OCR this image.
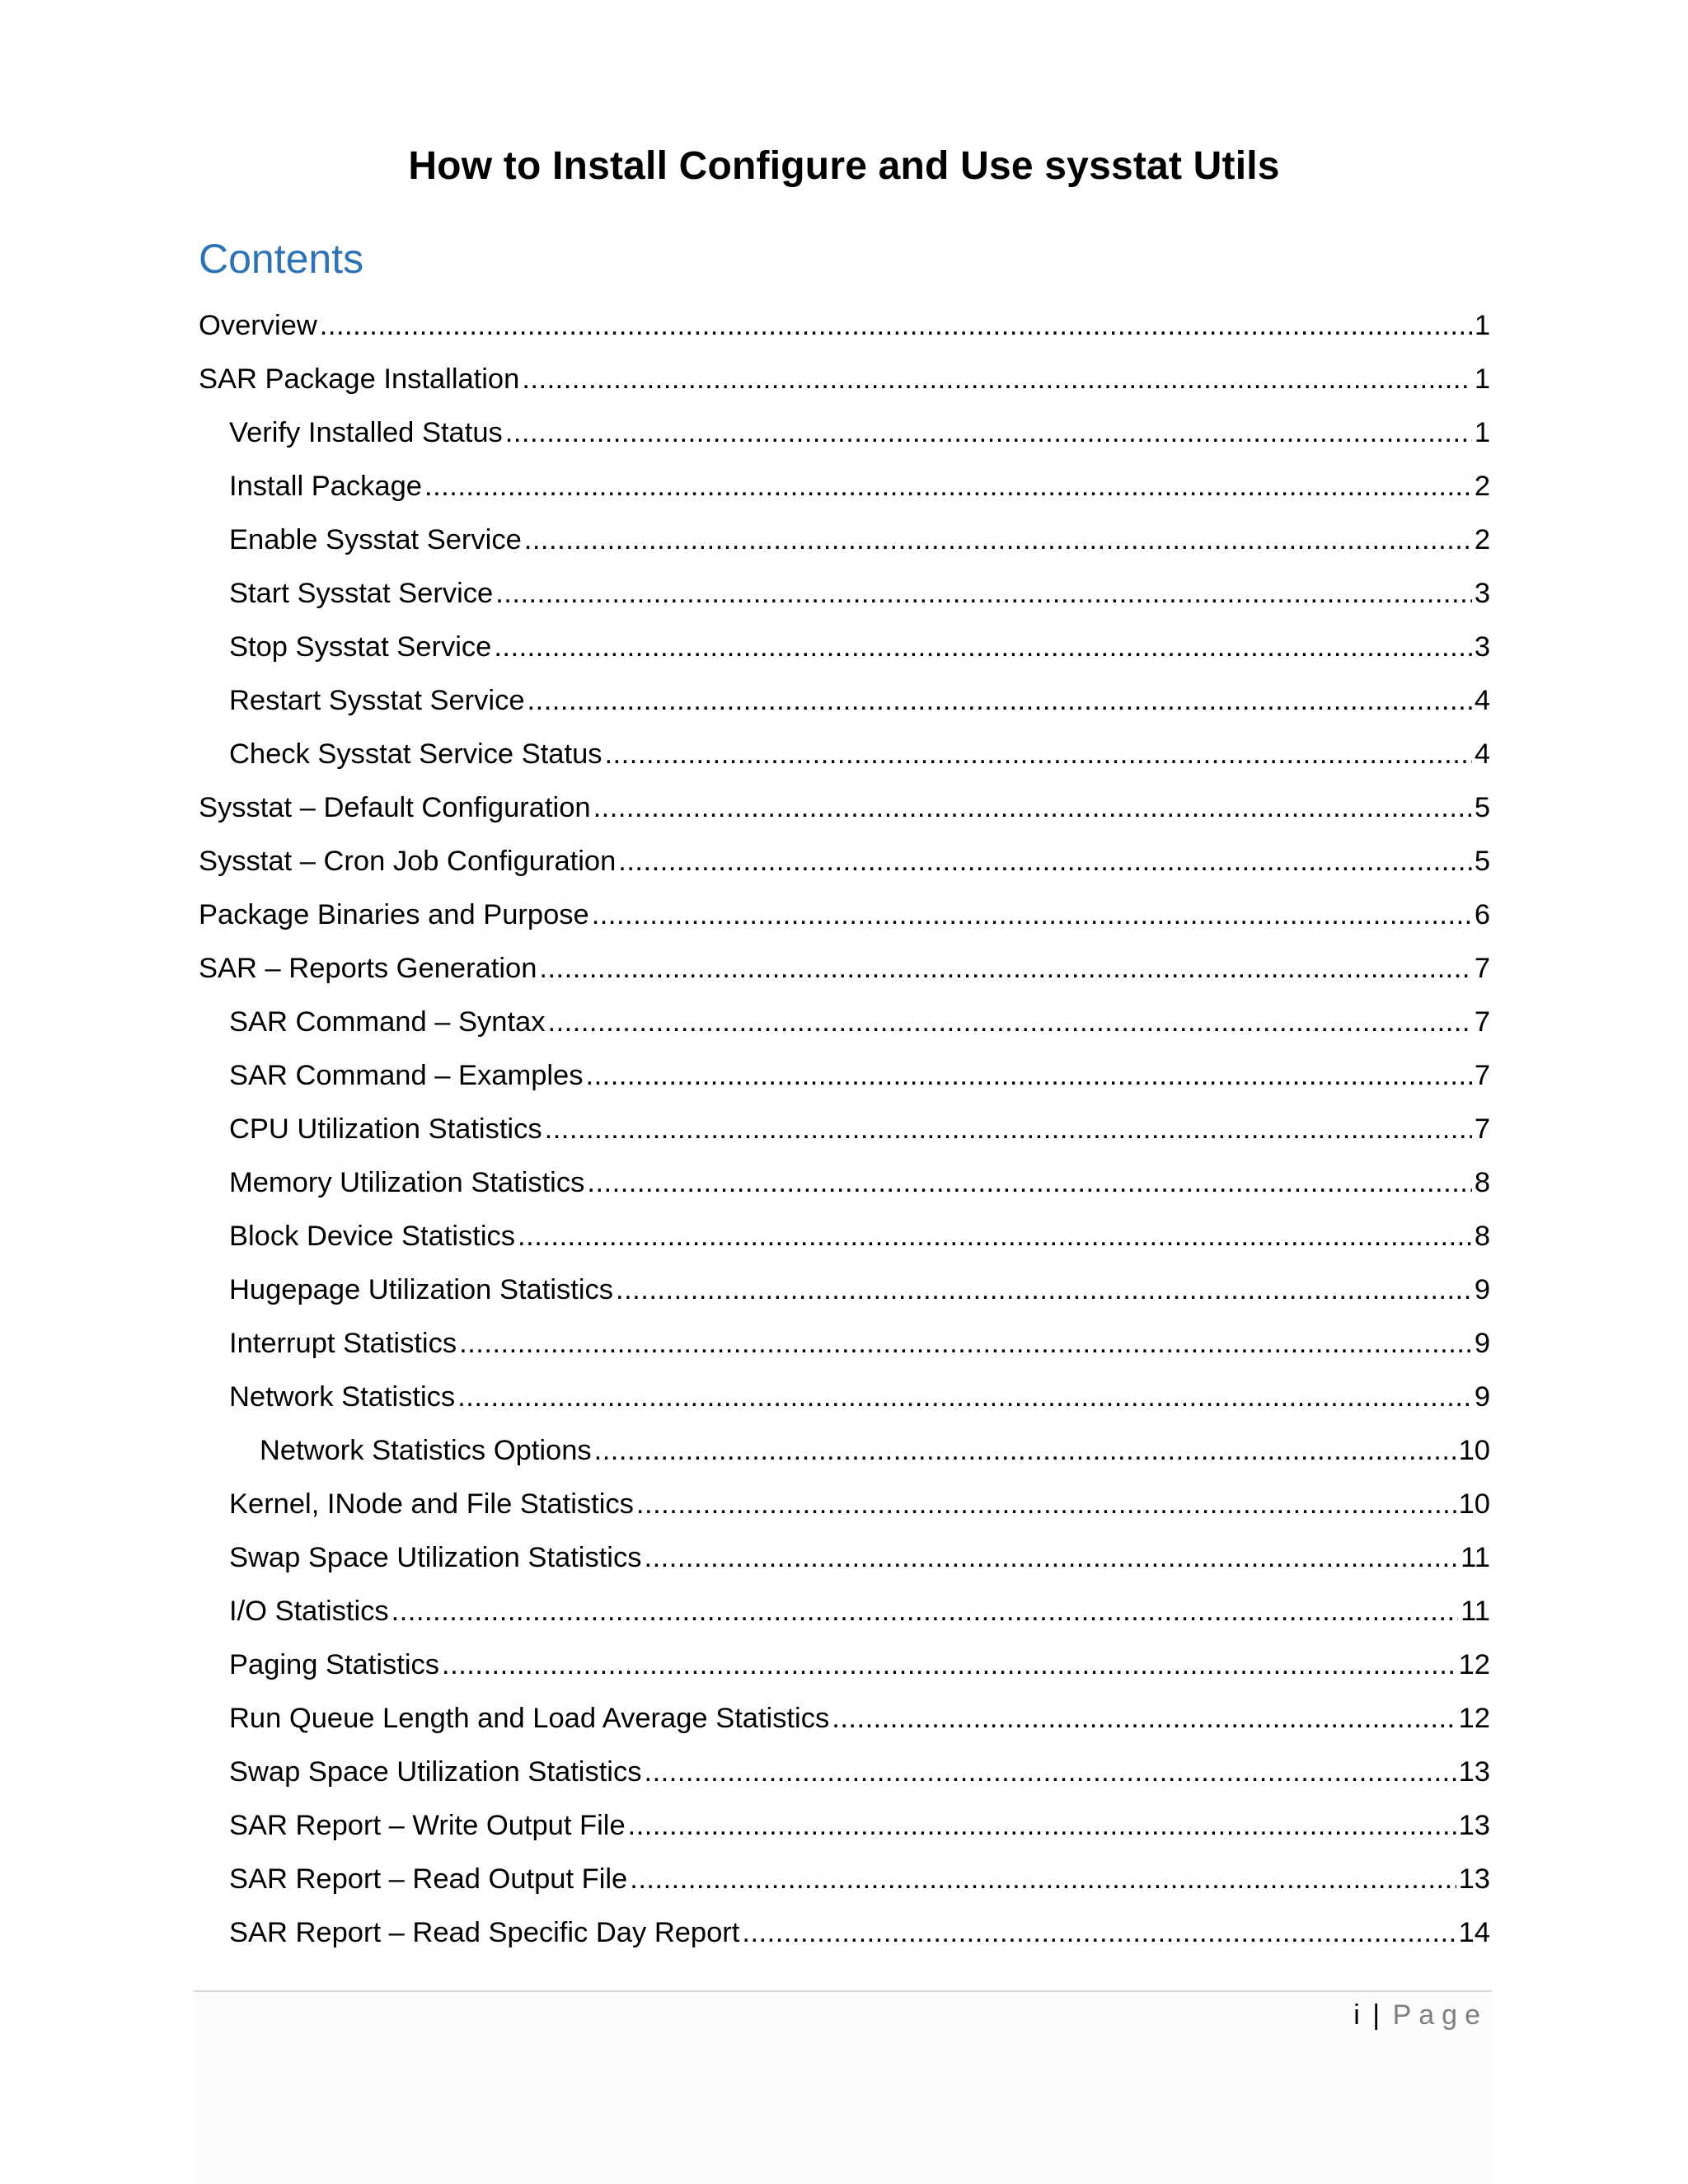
How to Install Configure and Use sysstat Utils
Contents
Overview .....	1
SAR Package Installation .....	1
Verify Installed Status .....	1
Install Package .....	2
Enable Sysstat Service .....	2
Start Sysstat Service .....	3
Stop Sysstat Service .....	3
Restart Sysstat Service .....	4
Check Sysstat Service Status .....	4
Sysstat – Default Configuration .....	5
Sysstat – Cron Job Configuration .....	5
Package Binaries and Purpose .....	6
SAR – Reports Generation .....	7
SAR Command – Syntax .....	7
SAR Command – Examples .....	7
CPU Utilization Statistics .....	7
Memory Utilization Statistics .....	8
Block Device Statistics .....	8
Hugepage Utilization Statistics .....	9
Interrupt Statistics .....	9
Network Statistics .....	9
Network Statistics Options .....	10
Kernel, INode and File Statistics .....	10
Swap Space Utilization Statistics .....	11
I/O Statistics .....	11
Paging Statistics .....	12
Run Queue Length and Load Average Statistics .....	12
Swap Space Utilization Statistics .....	13
SAR Report – Write Output File .....	13
SAR Report – Read Output File .....	13
SAR Report – Read Specific Day Report .....	14
i | Page
